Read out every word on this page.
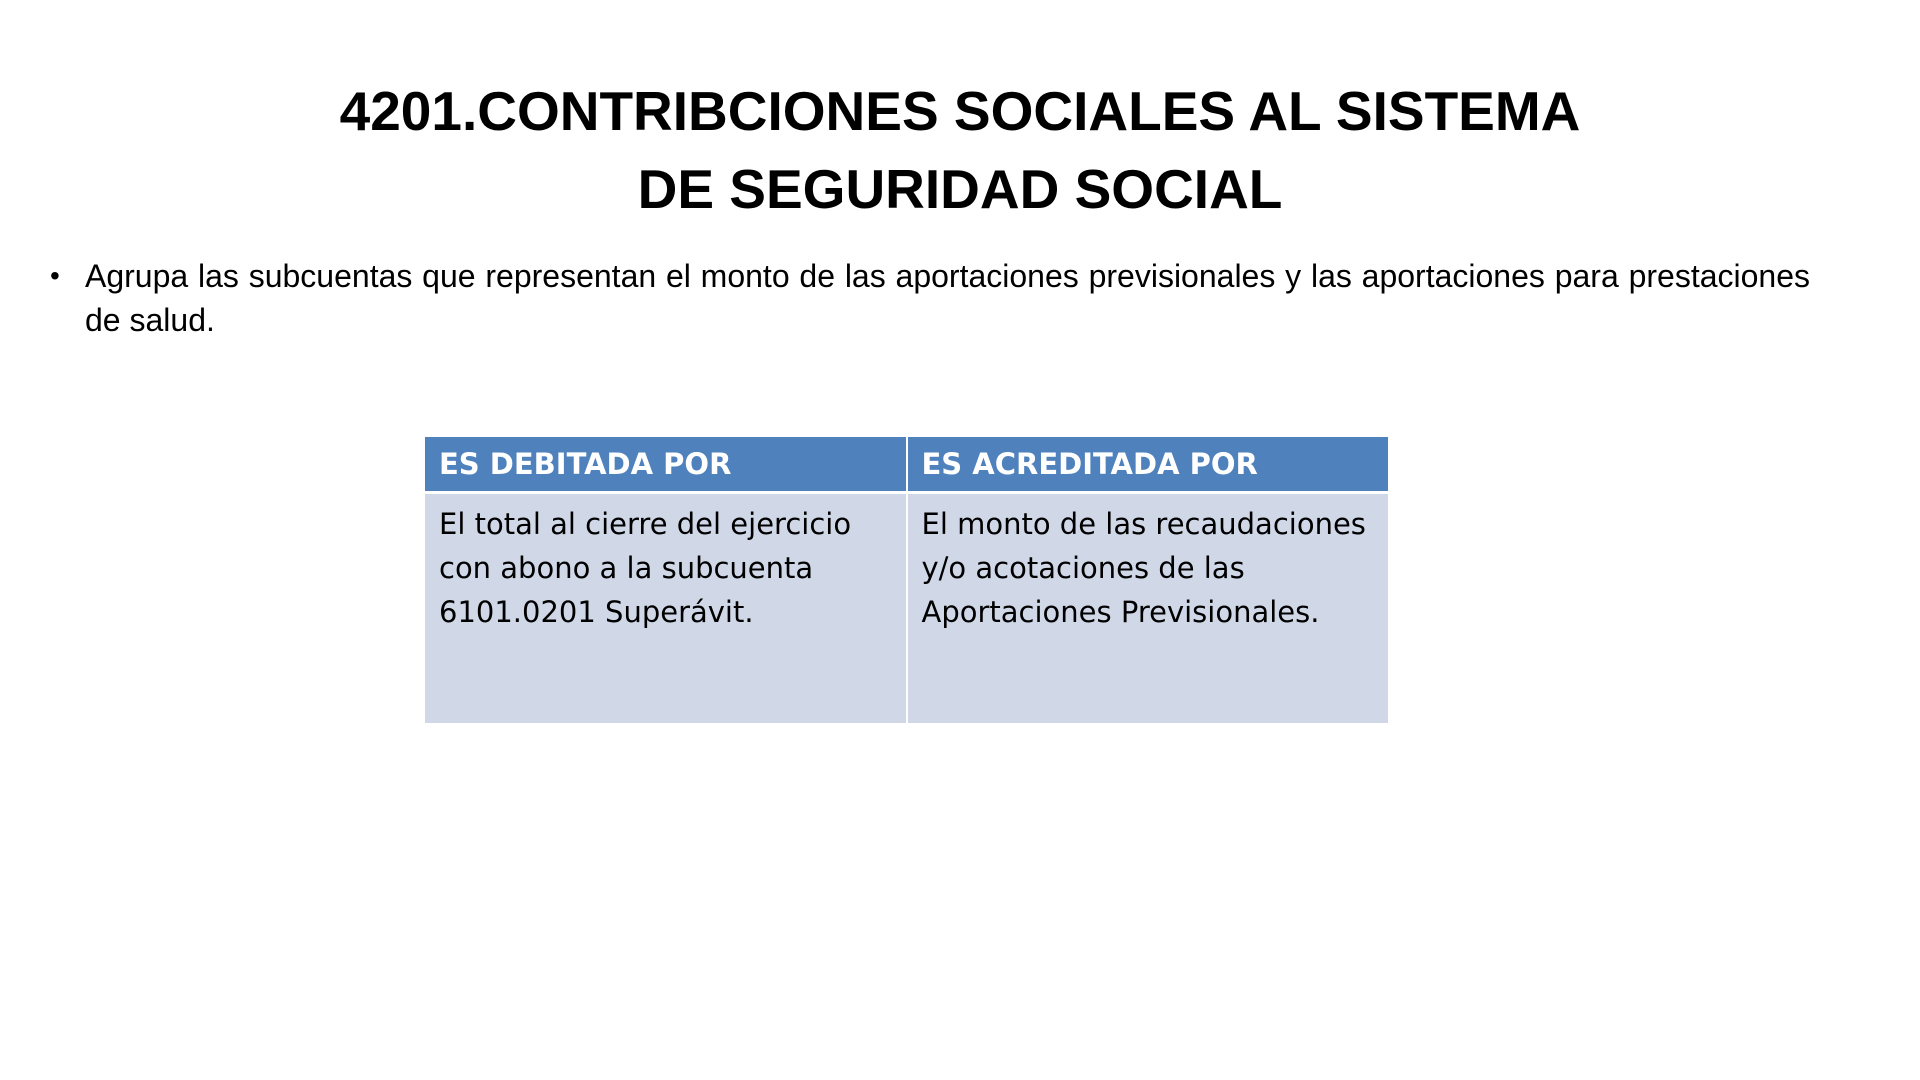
4201.CONTRIBCIONES SOCIALES AL SISTEMA
DE SEGURIDAD SOCIAL
• Agrupa las subcuentas que representan el monto de las aportaciones previsionales y las aportaciones para prestaciones de salud.
ES DEBITADA POR	ES ACREDITADA POR
El total al cierre del ejercicio con abono a la subcuenta 6101.0201 Superávit.	El monto de las recaudaciones y/o acotaciones de las Aportaciones Previsionales.
